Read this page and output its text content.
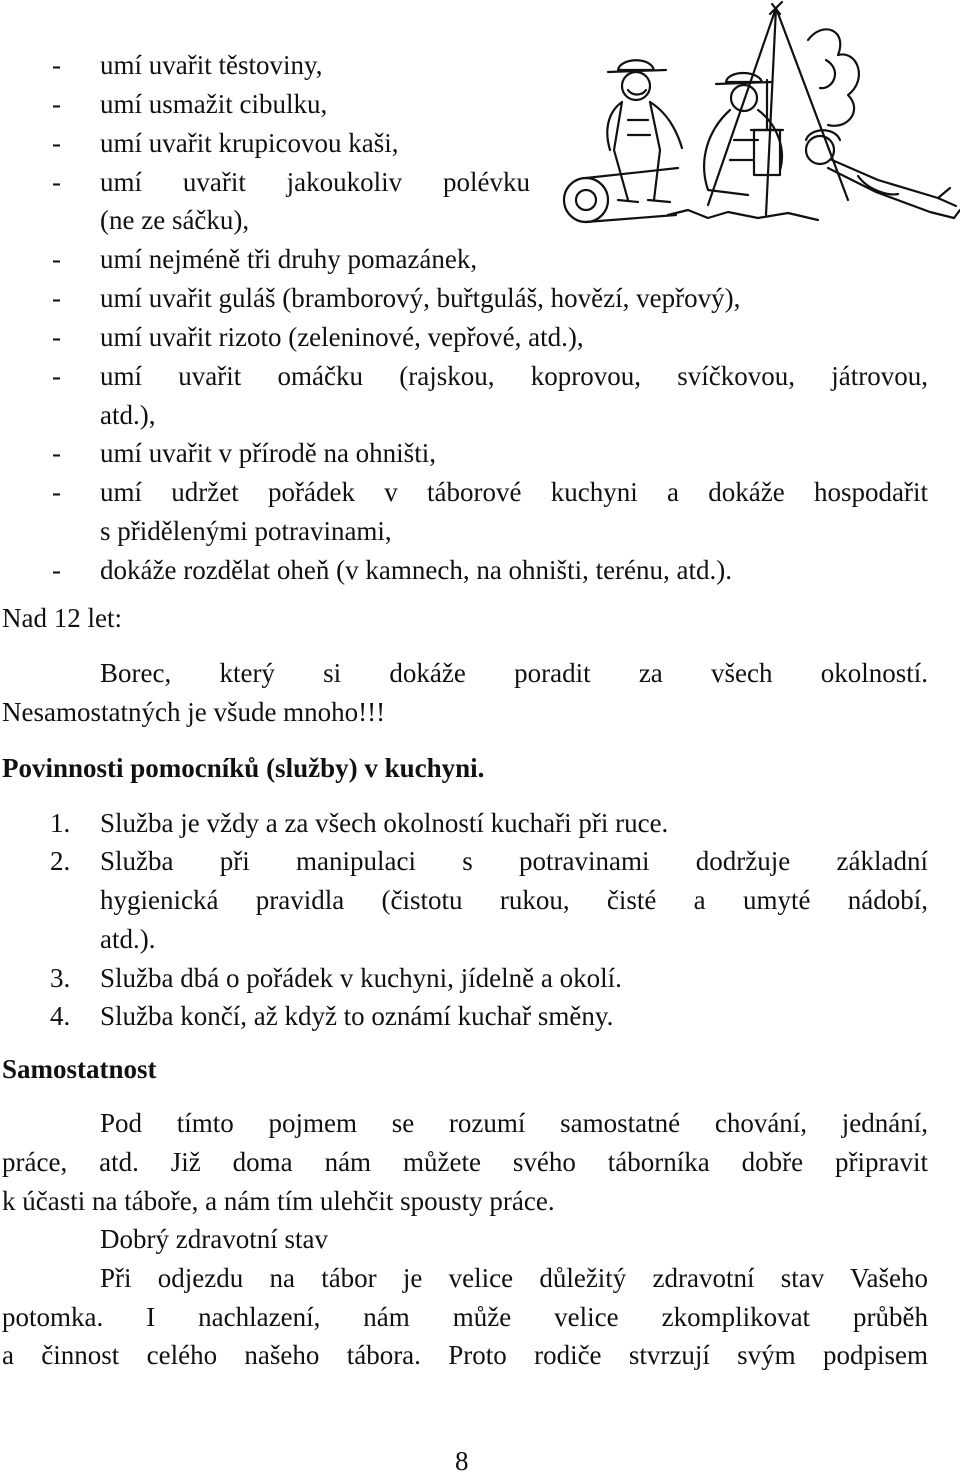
- umí uvařit těstoviny,
- umí usmažit cibulku,
- umí uvařit krupicovou kaši,
- umí uvařit jakoukoliv polévku
(ne ze sáčku),
- umí nejméně tři druhy pomazánek,
- umí uvařit guláš (bramborový, buřtguláš, hovězí, vepřový),
- umí uvařit rizoto (zeleninové, vepřové, atd.),
- umí uvařit omáčku (rajskou, koprovou, svíčkovou, játrovou,
atd.),
- umí uvařit v přírodě na ohništi,
- umí udržet pořádek v táborové kuchyni a dokáže hospodařit
s přidělenými potravinami,
- dokáže rozdělat oheň (v kamnech, na ohništi, terénu, atd.).
Nad 12 let:
Borec, který si dokáže poradit za všech okolností.
Nesamostatných je všude mnoho!!!
Povinnosti pomocníků (služby) v kuchyni.
1. Služba je vždy a za všech okolností kuchaři při ruce.
2. Služba při manipulaci s potravinami dodržuje základní
hygienická pravidla (čistotu rukou, čisté a umyté nádobí,
atd.).
3. Služba dbá o pořádek v kuchyni, jídelně a okolí.
4. Služba končí, až když to oznámí kuchař směny.
Samostatnost
Pod tímto pojmem se rozumí samostatné chování, jednání,
práce, atd. Již doma nám můžete svého táborníka dobře připravit
k účasti na táboře, a nám tím ulehčit spousty práce.
Dobrý zdravotní stav
Při odjezdu na tábor je velice důležitý zdravotní stav Vašeho
potomka. I nachlazení, nám může velice zkomplikovat průběh
a činnost celého našeho tábora. Proto rodiče stvrzují svým podpisem
8
